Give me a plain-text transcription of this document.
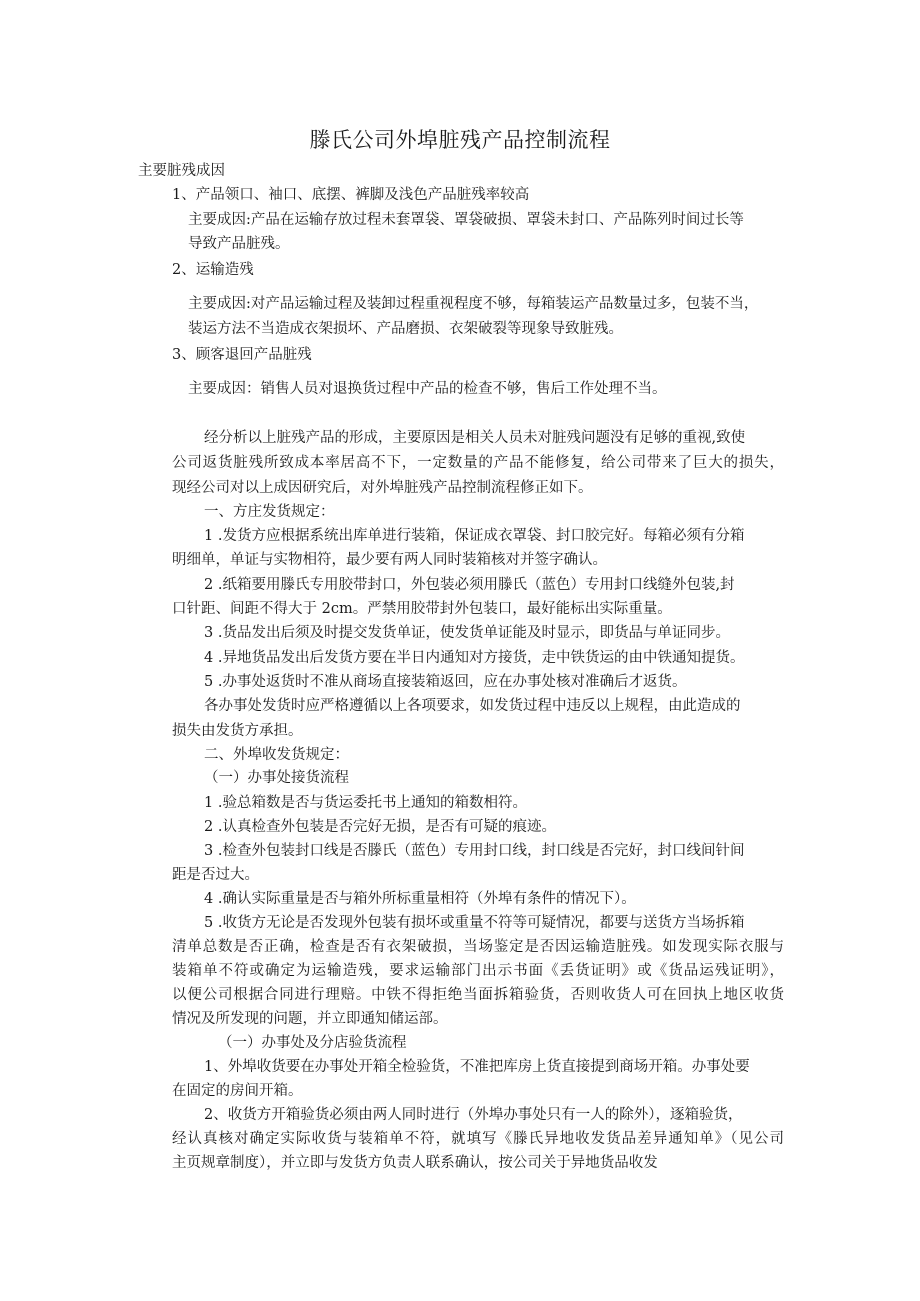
滕氏公司外埠脏残产品控制流程
主要脏残成因
1、产品领口、袖口、底摆、裤脚及浅色产品脏残率较高
主要成因:产品在运输存放过程未套罩袋、罩袋破损、罩袋未封口、产品陈列时间过长等
导致产品脏残。
2、运输造残
主要成因:对产品运输过程及装卸过程重视程度不够，每箱装运产品数量过多，包装不当，
装运方法不当造成衣架损坏、产品磨损、衣架破裂等现象导致脏残。
3、顾客退回产品脏残
主要成因：销售人员对退换货过程中产品的检查不够，售后工作处理不当。
经分析以上脏残产品的形成，主要原因是相关人员未对脏残问题没有足够的重视,致使
公司返货脏残所致成本率居高不下，一定数量的产品不能修复，给公司带来了巨大的损失，
现经公司对以上成因研究后，对外埠脏残产品控制流程修正如下。
一、方庄发货规定：
1 .发货方应根据系统出库单进行装箱，保证成衣罩袋、封口胶完好。每箱必须有分箱
明细单，单证与实物相符，最少要有两人同时装箱核对并签字确认。
2 .纸箱要用滕氏专用胶带封口，外包装必须用滕氏（蓝色）专用封口线缝外包装,封
口针距、间距不得大于 2cm。严禁用胶带封外包装口，最好能标出实际重量。
3 .货品发出后须及时提交发货单证，使发货单证能及时显示，即货品与单证同步。
4 .异地货品发出后发货方要在半日内通知对方接货，走中铁货运的由中铁通知提货。
5 .办事处返货时不准从商场直接装箱返回，应在办事处核对准确后才返货。
各办事处发货时应严格遵循以上各项要求，如发货过程中违反以上规程，由此造成的
损失由发货方承担。
二、外埠收发货规定：
（一）办事处接货流程
1 .验总箱数是否与货运委托书上通知的箱数相符。
2 .认真检查外包装是否完好无损，是否有可疑的痕迹。
3 .检查外包装封口线是否滕氏（蓝色）专用封口线，封口线是否完好，封口线间针间
距是否过大。
4 .确认实际重量是否与箱外所标重量相符（外埠有条件的情况下）。
5 .收货方无论是否发现外包装有损坏或重量不符等可疑情况，都要与送货方当场拆箱
清单总数是否正确，检查是否有衣架破损，当场鉴定是否因运输造脏残。如发现实际衣服与
装箱单不符或确定为运输造残，要求运输部门出示书面《丢货证明》或《货品运残证明》，
以便公司根据合同进行理赔。中铁不得拒绝当面拆箱验货，否则收货人可在回执上地区收货
情况及所发现的问题，并立即通知储运部。
（一）办事处及分店验货流程
1、外埠收货要在办事处开箱全检验货，不准把库房上货直接提到商场开箱。办事处要
在固定的房间开箱。
2、收货方开箱验货必须由两人同时进行（外埠办事处只有一人的除外），逐箱验货，
经认真核对确定实际收货与装箱单不符，就填写《滕氏异地收发货品差异通知单》（见公司
主页规章制度），并立即与发货方负责人联系确认，按公司关于异地货品收发
